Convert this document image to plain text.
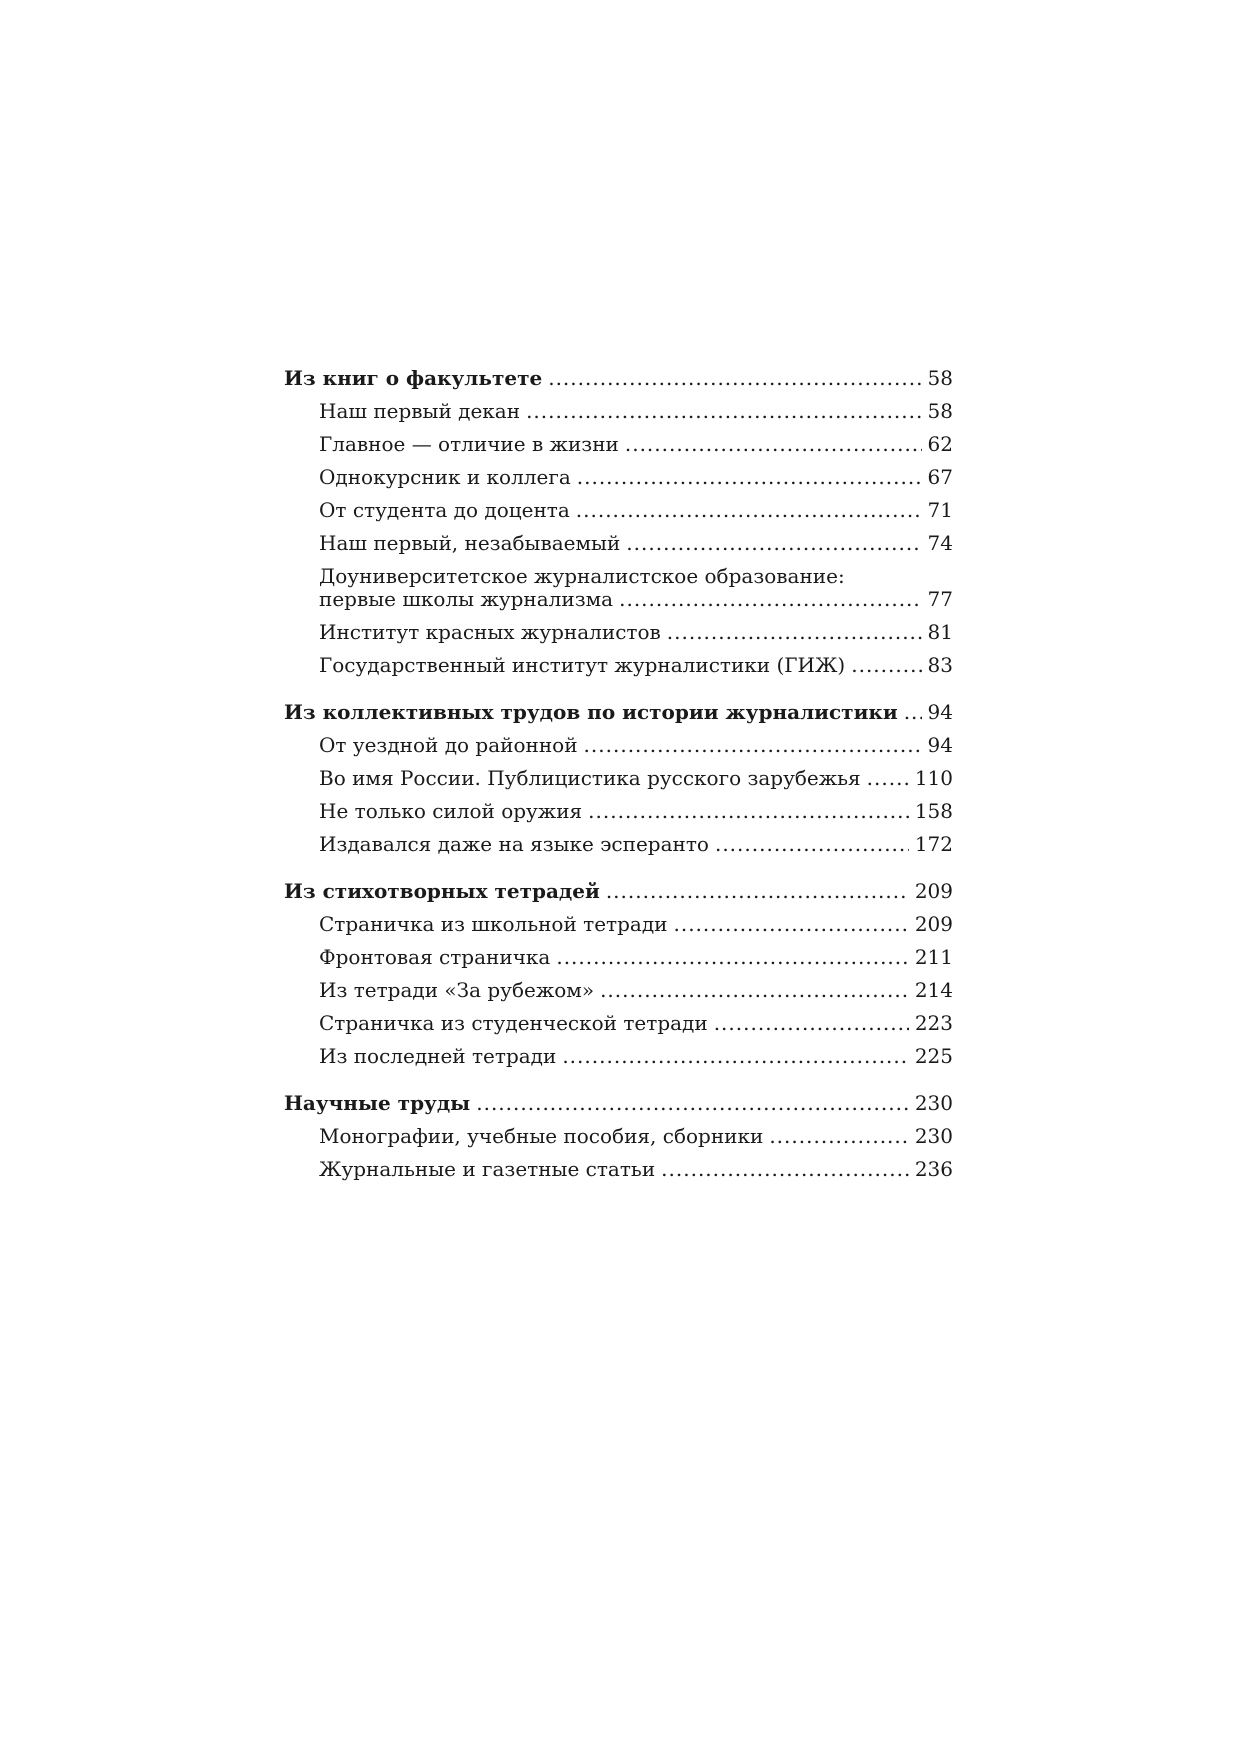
Из книг о факультете .....	58
Наш первый декан .....	58
Главное — отличие в жизни .....	62
Однокурсник и коллега .....	67
От студента до доцента .....	71
Наш первый, незабываемый .....	74
Доуниверситетское журналистское образование:
первые школы журнализма .....	77
Институт красных журналистов .....	81
Государственный институт журналистики (ГИЖ) .....	83
Из коллективных трудов по истории журналистики ..... 94
От уездной до районной .....	94
Во имя России. Публицистика русского зарубежья .....	110
Не только силой оружия .....	158
Издавался даже на языке эсперанто .....	172
Из стихотворных тетрадей .....	209
Страничка из школьной тетради .....	209
Фронтовая страничка .....	211
Из тетради «За рубежом» .....	214
Страничка из студенческой тетради .....	223
Из последней тетради .....	225
Научные труды .....	230
Монографии, учебные пособия, сборники .....	230
Журнальные и газетные статьи .....	236
